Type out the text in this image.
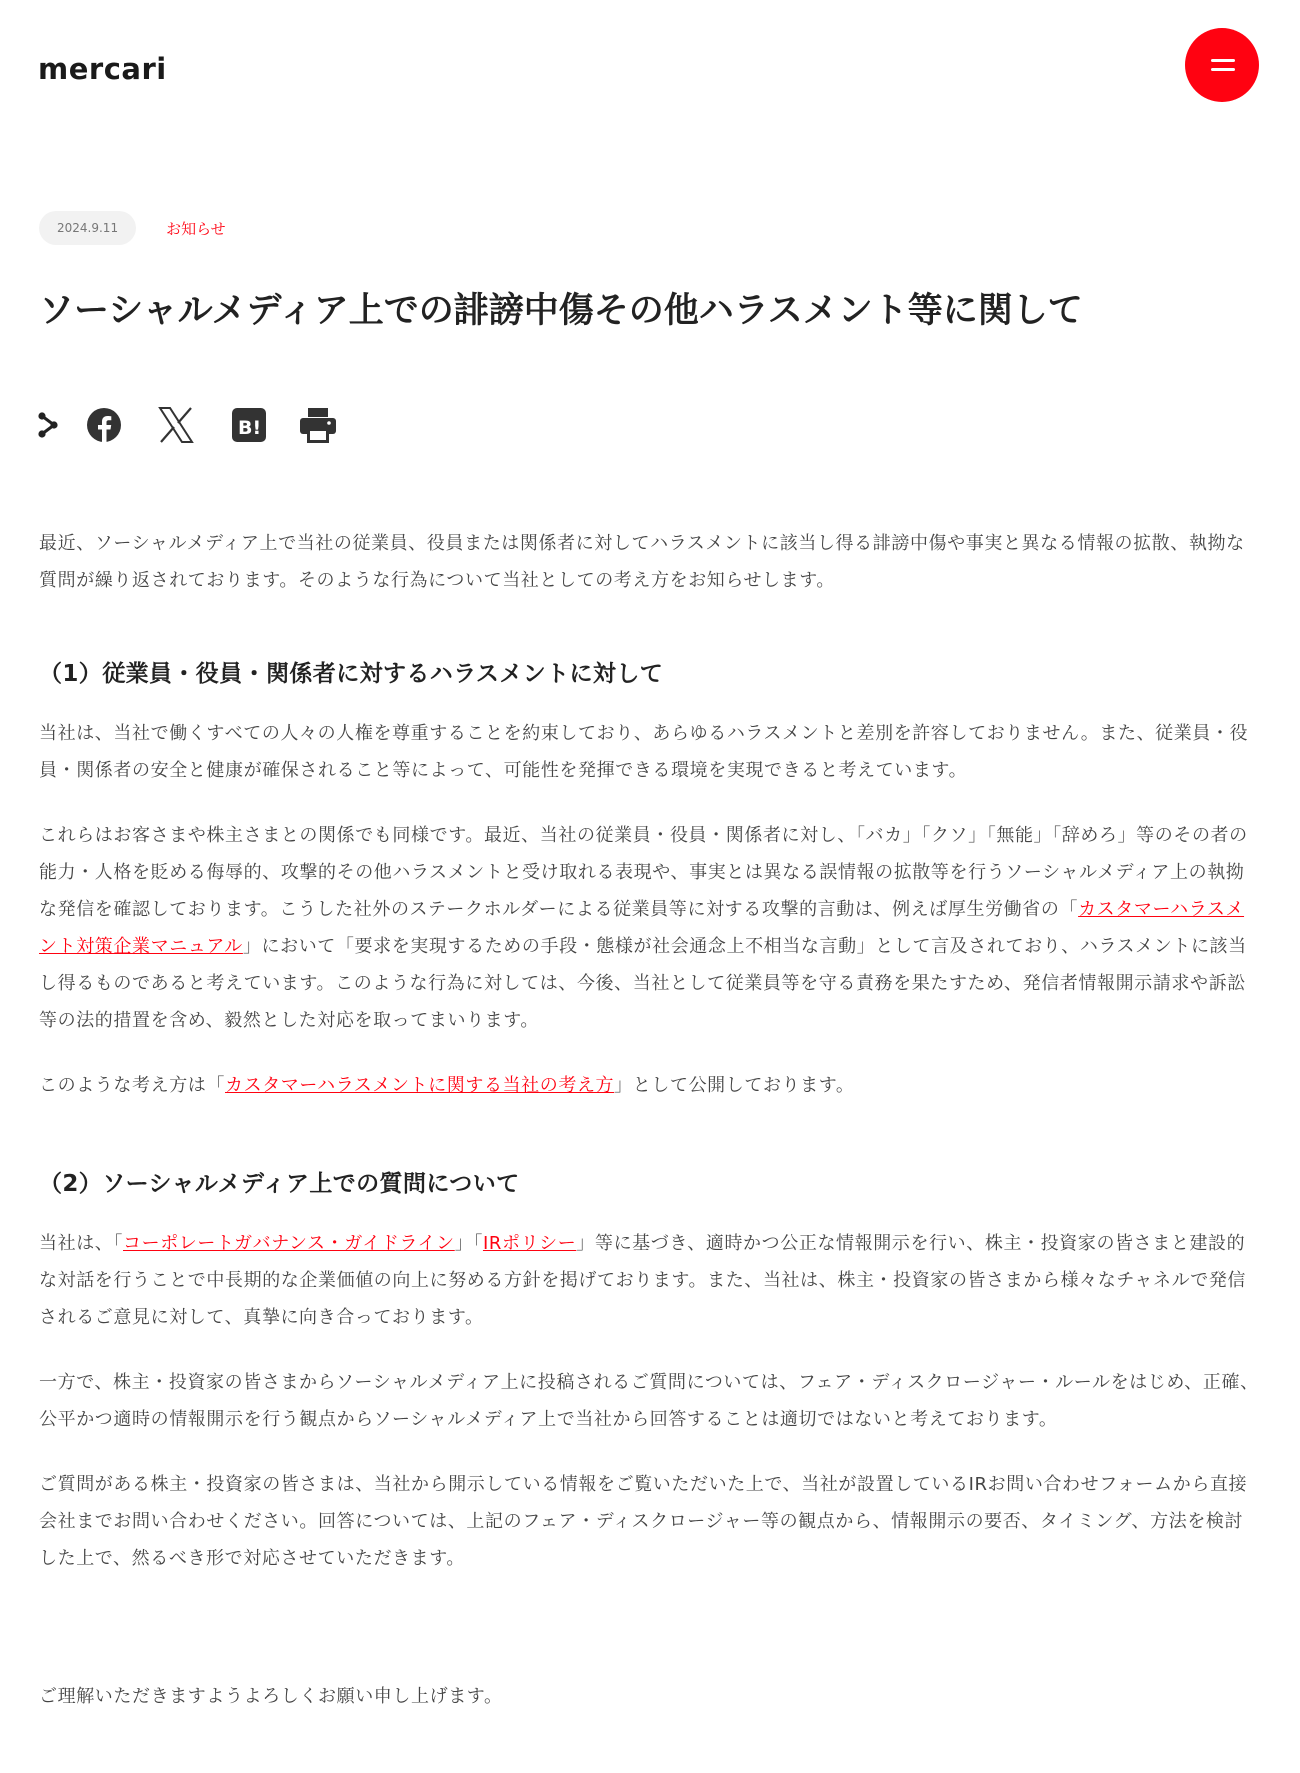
mercari
2024.9.11	お知らせ
ソーシャルメディア上での誹謗中傷その他ハラスメント等に関して
B!

最近、ソーシャルメディア上で当社の従業員、役員または関係者に対してハラスメントに該当し得る誹謗中傷や事実と異なる情報の拡散、執拗な質問が繰り返されております。そのような行為について当社としての考え方をお知らせします。

（1）従業員・役員・関係者に対するハラスメントに対して

当社は、当社で働くすべての人々の人権を尊重することを約束しており、あらゆるハラスメントと差別を許容しておりません。また、従業員・役員・関係者の安全と健康が確保されること等によって、可能性を発揮できる環境を実現できると考えています。

これらはお客さまや株主さまとの関係でも同様です。最近、当社の従業員・役員・関係者に対し、「バカ」「クソ」「無能」「辞めろ」等のその者の能力・人格を貶める侮辱的、攻撃的その他ハラスメントと受け取れる表現や、事実とは異なる誤情報の拡散等を行うソーシャルメディア上の執拗な発信を確認しております。こうした社外のステークホルダーによる従業員等に対する攻撃的言動は、例えば厚生労働省の「カスタマーハラスメント対策企業マニュアル」において「要求を実現するための手段・態様が社会通念上不相当な言動」として言及されており、ハラスメントに該当し得るものであると考えています。このような行為に対しては、今後、当社として従業員等を守る責務を果たすため、発信者情報開示請求や訴訟等の法的措置を含め、毅然とした対応を取ってまいります。

このような考え方は「カスタマーハラスメントに関する当社の考え方」として公開しております。

（2）ソーシャルメディア上での質問について

当社は、「コーポレートガバナンス・ガイドライン」「IRポリシー」等に基づき、適時かつ公正な情報開示を行い、株主・投資家の皆さまと建設的な対話を行うことで中長期的な企業価値の向上に努める方針を掲げております。また、当社は、株主・投資家の皆さまから様々なチャネルで発信されるご意見に対して、真摯に向き合っております。

一方で、株主・投資家の皆さまからソーシャルメディア上に投稿されるご質問については、フェア・ディスクロージャー・ルールをはじめ、正確、公平かつ適時の情報開示を行う観点からソーシャルメディア上で当社から回答することは適切ではないと考えております。

ご質問がある株主・投資家の皆さまは、当社から開示している情報をご覧いただいた上で、当社が設置しているIRお問い合わせフォームから直接会社までお問い合わせください。回答については、上記のフェア・ディスクロージャー等の観点から、情報開示の要否、タイミング、方法を検討した上で、然るべき形で対応させていただきます。

ご理解いただきますようよろしくお願い申し上げます。
